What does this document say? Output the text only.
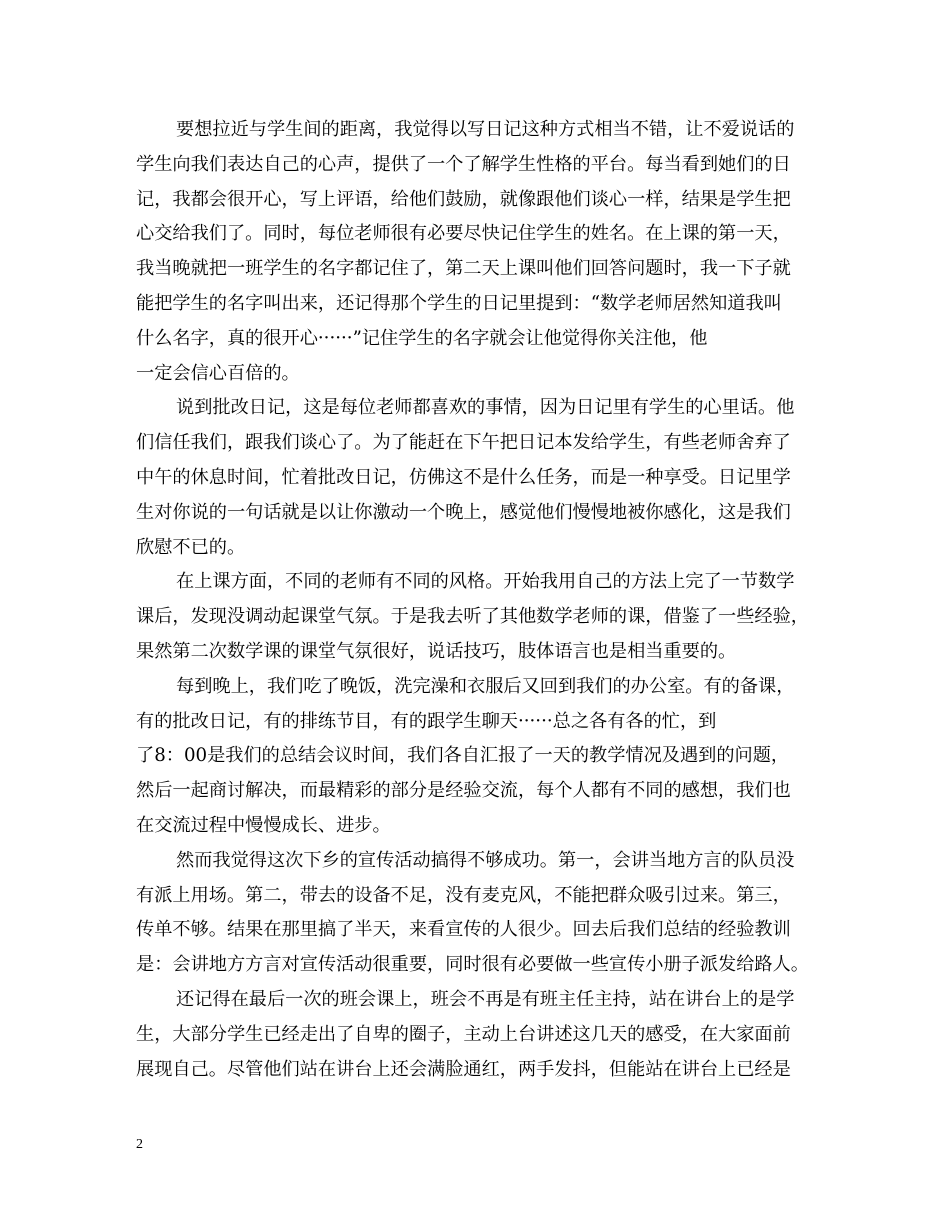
要想拉近与学生间的距离，我觉得以写日记这种方式相当不错，让不爱说话的
学生向我们表达自己的心声，提供了一个了解学生性格的平台。每当看到她们的日
记，我都会很开心，写上评语，给他们鼓励，就像跟他们谈心一样，结果是学生把
心交给我们了。同时，每位老师很有必要尽快记住学生的姓名。在上课的第一天，
我当晚就把一班学生的名字都记住了，第二天上课叫他们回答问题时，我一下子就
能把学生的名字叫出来，还记得那个学生的日记里提到：“数学老师居然知道我叫
什么名字，真的很开心······”记住学生的名字就会让他觉得你关注他，他
一定会信心百倍的。
说到批改日记，这是每位老师都喜欢的事情，因为日记里有学生的心里话。他
们信任我们，跟我们谈心了。为了能赶在下午把日记本发给学生，有些老师舍弃了
中午的休息时间，忙着批改日记，仿佛这不是什么任务，而是一种享受。日记里学
生对你说的一句话就是以让你激动一个晚上，感觉他们慢慢地被你感化，这是我们
欣慰不已的。
在上课方面，不同的老师有不同的风格。开始我用自己的方法上完了一节数学
课后，发现没调动起课堂气氛。于是我去听了其他数学老师的课，借鉴了一些经验，
果然第二次数学课的课堂气氛很好，说话技巧，肢体语言也是相当重要的。
每到晚上，我们吃了晚饭，洗完澡和衣服后又回到我们的办公室。有的备课，
有的批改日记，有的排练节目，有的跟学生聊天······总之各有各的忙，到
了8：00是我们的总结会议时间，我们各自汇报了一天的教学情况及遇到的问题，
然后一起商讨解决，而最精彩的部分是经验交流，每个人都有不同的感想，我们也
在交流过程中慢慢成长、进步。
然而我觉得这次下乡的宣传活动搞得不够成功。第一，会讲当地方言的队员没
有派上用场。第二，带去的设备不足，没有麦克风，不能把群众吸引过来。第三，
传单不够。结果在那里搞了半天，来看宣传的人很少。回去后我们总结的经验教训
是：会讲地方方言对宣传活动很重要，同时很有必要做一些宣传小册子派发给路人。
还记得在最后一次的班会课上，班会不再是有班主任主持，站在讲台上的是学
生，大部分学生已经走出了自卑的圈子，主动上台讲述这几天的感受，在大家面前
展现自己。尽管他们站在讲台上还会满脸通红，两手发抖，但能站在讲台上已经是
2
